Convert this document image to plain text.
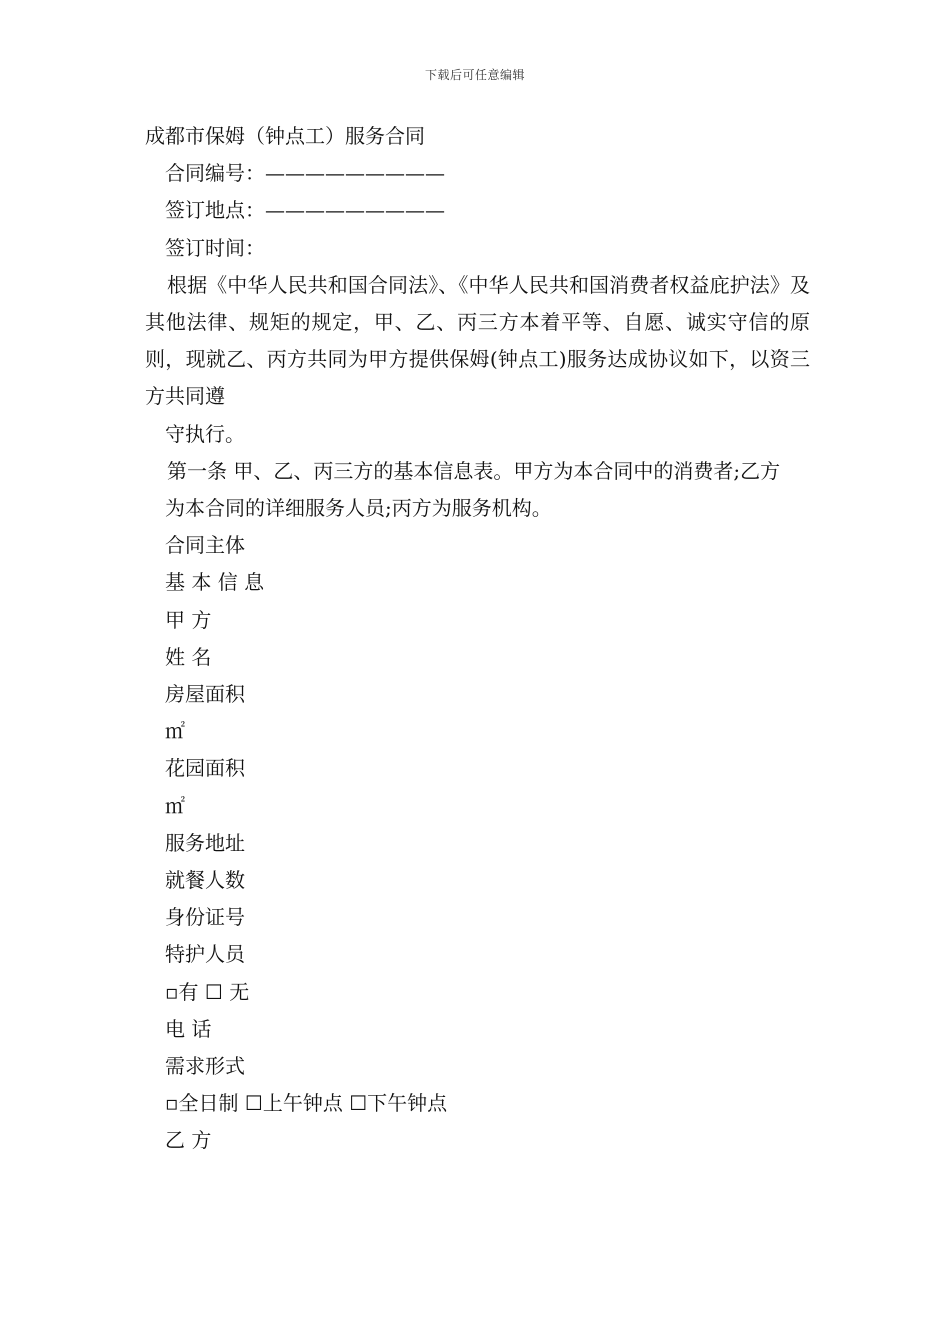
下载后可任意编辑

成都市保姆（钟点工）服务合同

合同编号：—————————

签订地点：—————————

签订时间：

根据《中华人民共和国合同法》、《中华人民共和国消费者权益庇护法》及其他法律、规矩的规定，甲、乙、丙三方本着平等、自愿、诚实守信的原则，现就乙、丙方共同为甲方提供保姆(钟点工)服务达成协议如下，以资三方共同遵

守执行。

第一条 甲、乙、丙三方的基本信息表。甲方为本合同中的消费者;乙方

为本合同的详细服务人员;丙方为服务机构。

合同主体

基 本 信 息

甲 方

姓 名

房屋面积

㎡

花园面积

㎡

服务地址

就餐人数

身份证号

特护人员

▫有 ☐ 无

电 话

需求形式

▫全日制 ☐上午钟点 ☐下午钟点

乙 方
